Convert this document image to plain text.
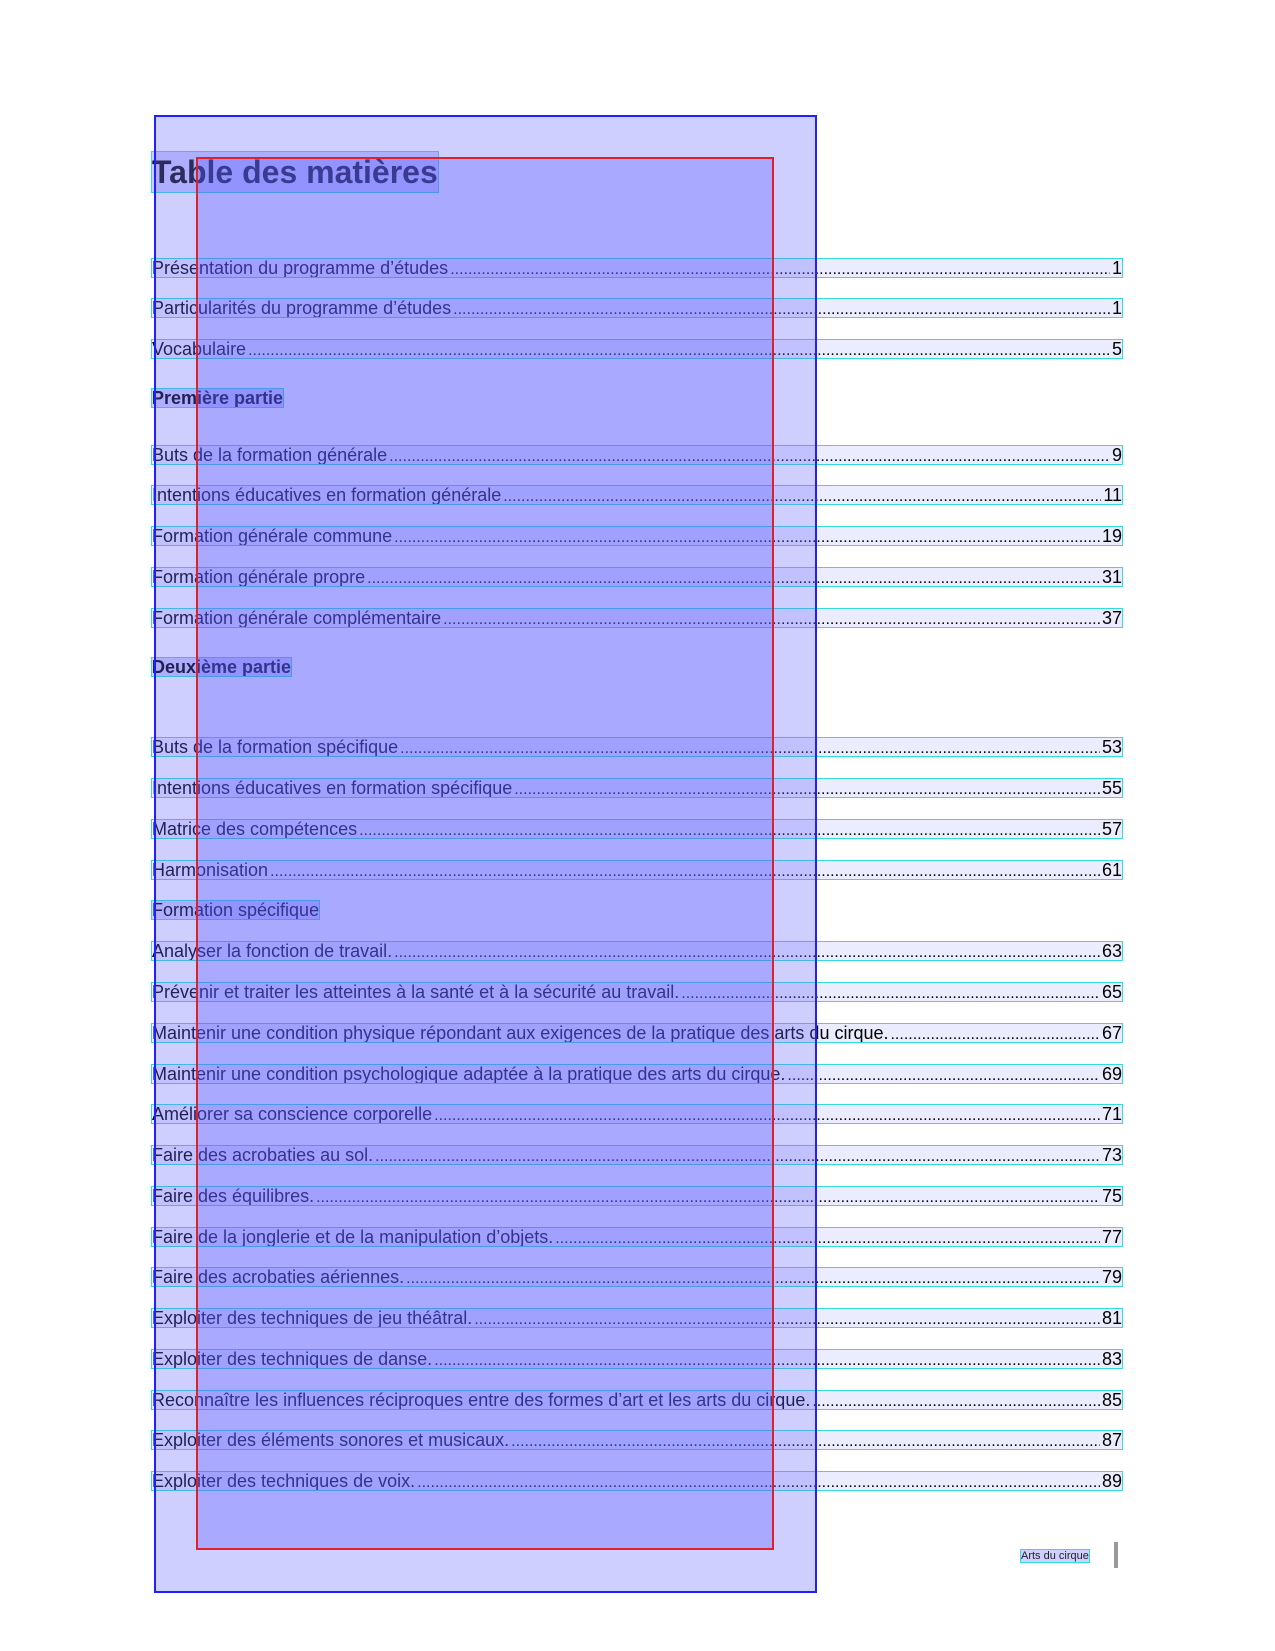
Table des matières
Présentation du programme d’études .....	1
Particularités du programme d’études .....	1
Vocabulaire .....	5
Première partie
Buts de la formation générale .....	9
Intentions éducatives en formation générale .....	11
Formation générale commune .....	19
Formation générale propre .....	31
Formation générale complémentaire .....	37
Deuxième partie
Buts de la formation spécifique .....	53
Intentions éducatives en formation spécifique .....	55
Matrice des compétences .....	57
Harmonisation .....	61
Formation spécifique
Analyser la fonction de travail. .....	63
Prévenir et traiter les atteintes à la santé et à la sécurité au travail. .....	65
Maintenir une condition physique répondant aux exigences de la pratique des arts du cirque. .....	67
Maintenir une condition psychologique adaptée à la pratique des arts du cirque. .....	69
Améliorer sa conscience corporelle .....	71
Faire des acrobaties au sol. .....	73
Faire des équilibres. .....	75
Faire de la jonglerie et de la manipulation d’objets. .....	77
Faire des acrobaties aériennes. .....	79
Exploiter des techniques de jeu théâtral. .....	81
Exploiter des techniques de danse. .....	83
Reconnaître les influences réciproques entre des formes d’art et les arts du cirque. .....	85
Exploiter des éléments sonores et musicaux. .....	87
Exploiter des techniques de voix. .....	89
Arts du cirque
